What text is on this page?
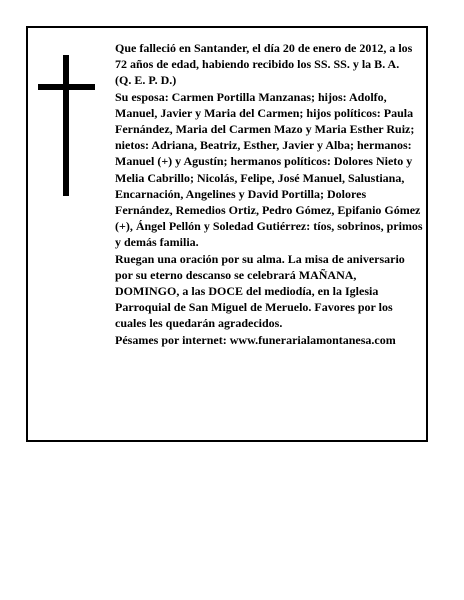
Que falleció en Santander, el día 20 de enero de 2012, a los 72 años de edad, habiendo recibido los SS. SS. y la B. A.

(Q. E. P. D.)

Su esposa: Carmen Portilla Manzanas; hijos: Adolfo, Manuel, Javier y Maria del Carmen; hijos políticos: Paula Fernández, Maria del Carmen Mazo y Maria Esther Ruiz; nietos: Adriana, Beatriz, Esther, Javier y Alba; hermanos: Manuel (+) y Agustín; hermanos políticos: Dolores Nieto y Melia Cabrillo; Nicolás, Felipe, José Manuel, Salustiana, Encarnación, Angelines y David Portilla; Dolores Fernández, Remedios Ortiz, Pedro Gómez, Epifanio Gómez (+), Ángel Pellón y Soledad Gutiérrez: tíos, sobrinos, primos y demás familia.

Ruegan una oración por su alma. La misa de aniversario por su eterno descanso se celebrará MAÑANA, DOMINGO, a las DOCE del mediodía, en la Iglesia Parroquial de San Miguel de Meruelo. Favores por los cuales les quedarán agradecidos.

Pésames por internet: www.funerarialamontanesa.com
